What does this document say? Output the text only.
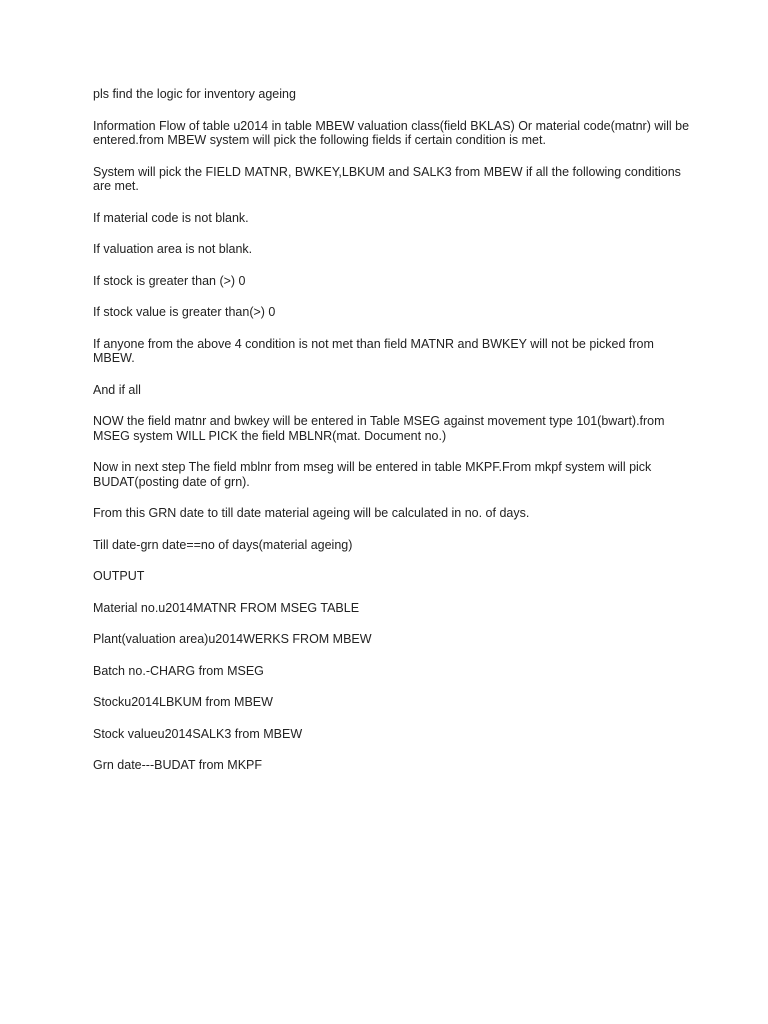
pls find the logic for inventory ageing

Information Flow of table u2014 in table MBEW valuation class(field BKLAS) Or material code(matnr) will be entered.from MBEW system will pick the following fields if certain condition is met.

System will pick the FIELD MATNR, BWKEY,LBKUM and SALK3 from MBEW if all the following conditions are met.

If material code is not blank.

If valuation area is not blank.

If stock is greater than (>) 0

If stock value is greater than(>) 0

If anyone from the above 4 condition is not met than field MATNR and BWKEY will not be picked from MBEW.

And if all

NOW the field matnr and bwkey will be entered in Table MSEG against movement type 101(bwart).from MSEG system WILL PICK the field MBLNR(mat. Document no.)

Now in next step The field mblnr from mseg will be entered in table MKPF.From mkpf system will pick BUDAT(posting date of grn).

From this GRN date to till date material ageing will be calculated in no. of days.

Till date-grn date==no of days(material ageing)

OUTPUT

Material no.u2014MATNR FROM MSEG TABLE

Plant(valuation area)u2014WERKS FROM MBEW

Batch no.-CHARG from MSEG

Stocku2014LBKUM from MBEW

Stock valueu2014SALK3 from MBEW

Grn date---BUDAT from MKPF
